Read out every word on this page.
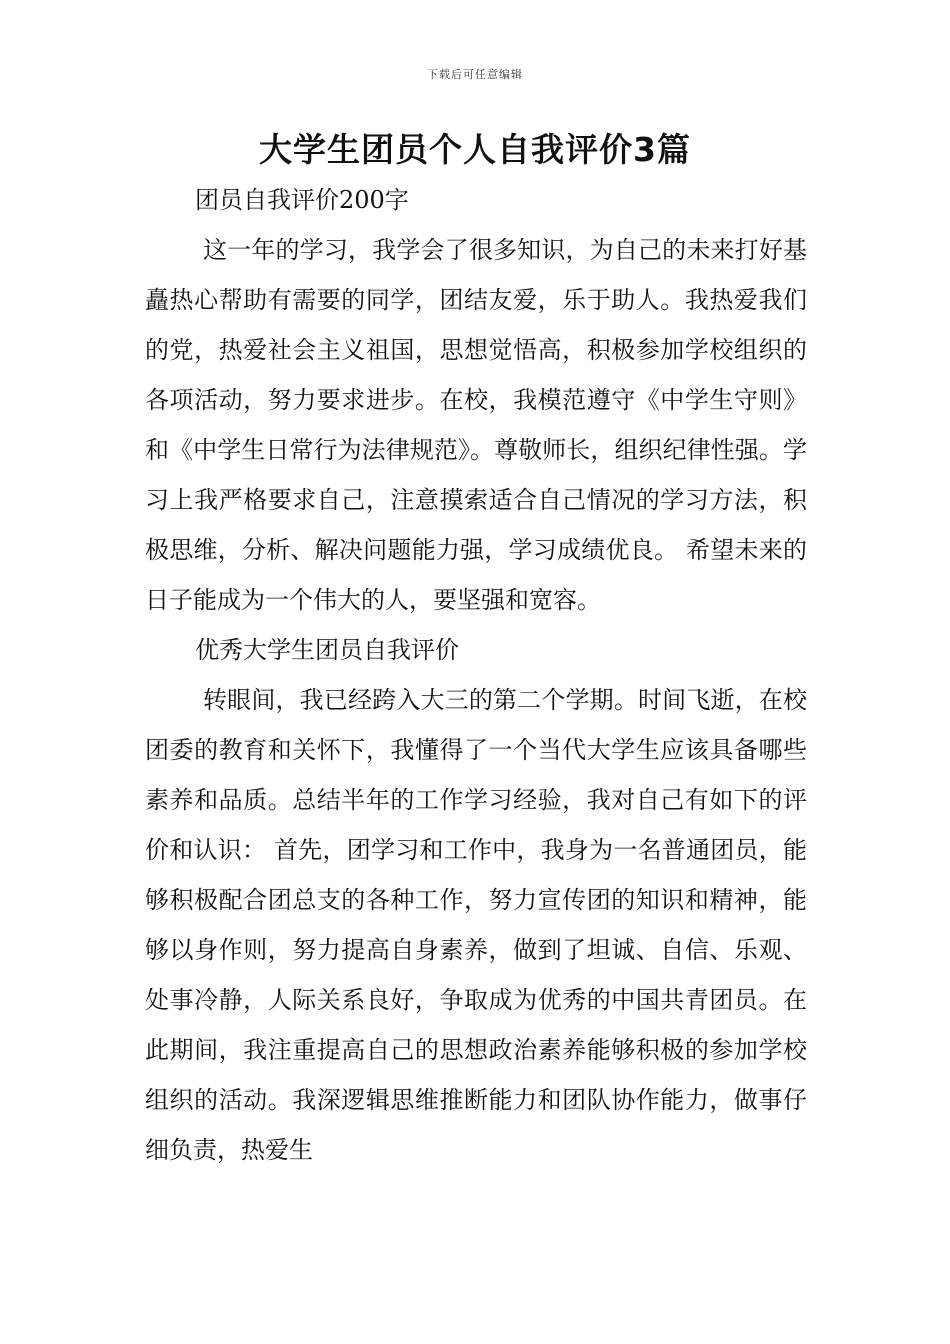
下载后可任意编辑
大学生团员个人自我评价3篇
团员自我评价200字

这一年的学习，我学会了很多知识，为自己的未来打好基矗热心帮助有需要的同学，团结友爱，乐于助人。我热爱我们的党，热爱社会主义祖国，思想觉悟高，积极参加学校组织的各项活动，努力要求进步。在校，我模范遵守《中学生守则》和《中学生日常行为法律规范》。尊敬师长，组织纪律性强。学习上我严格要求自己，注意摸索适合自己情况的学习方法，积极思维，分析、解决问题能力强，学习成绩优良。 希望未来的日子能成为一个伟大的人，要坚强和宽容。

优秀大学生团员自我评价

转眼间，我已经跨入大三的第二个学期。时间飞逝，在校团委的教育和关怀下，我懂得了一个当代大学生应该具备哪些素养和品质。总结半年的工作学习经验，我对自己有如下的评价和认识： 首先，团学习和工作中，我身为一名普通团员，能够积极配合团总支的各种工作，努力宣传团的知识和精神，能够以身作则，努力提高自身素养，做到了坦诚、自信、乐观、处事冷静，人际关系良好，争取成为优秀的中国共青团员。在此期间，我注重提高自己的思想政治素养能够积极的参加学校组织的活动。我深逻辑思维推断能力和团队协作能力，做事仔细负责，热爱生
